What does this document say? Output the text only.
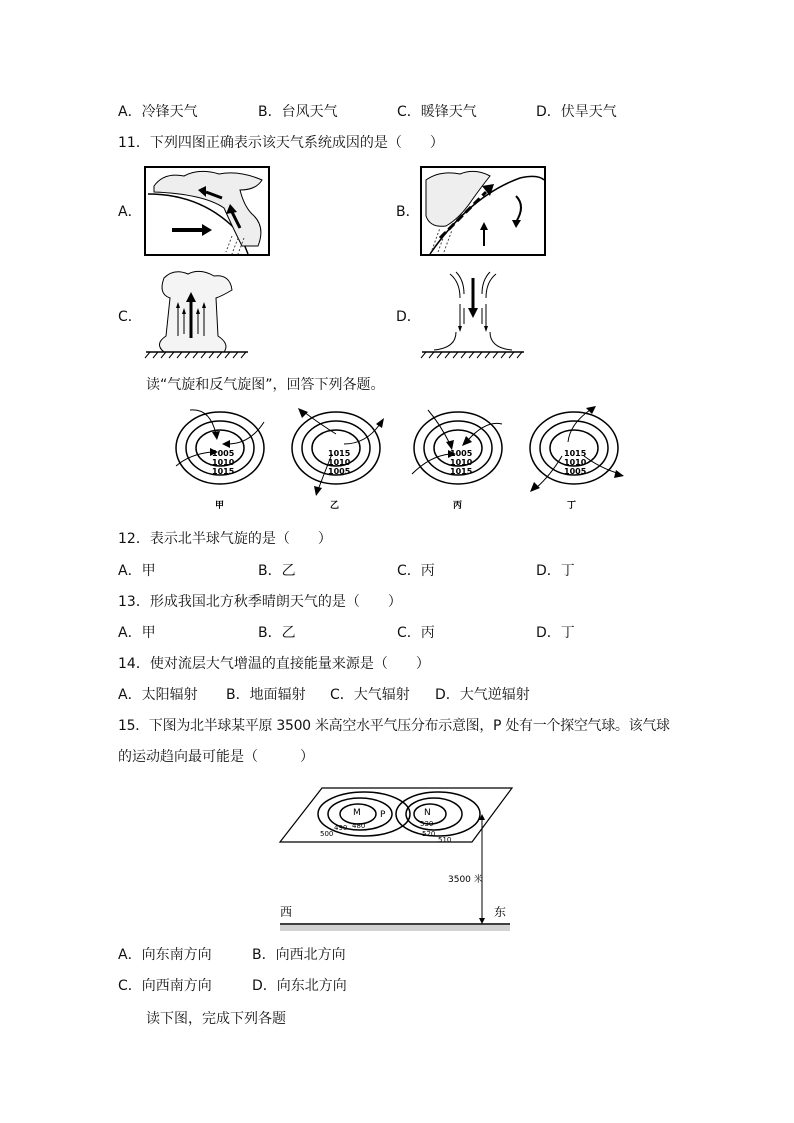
A．冷锋天气	B．台风天气	C．暖锋天气	D．伏旱天气
11．下列四图正确表示该天气系统成因的是（　　）
A．	B．
C．	D．
读“气旋和反气旋图”，回答下列各题。
1005
1010
1015
甲
1015
1010
1005
乙
1005
1010
1015
丙
1015
1010
1005
丁
12．表示北半球气旋的是（　　）
A．甲	B．乙	C．丙	D．丁
13．形成我国北方秋季晴朗天气的是（　　）
A．甲	B．乙	C．丙	D．丁
14．使对流层大气增温的直接能量来源是（　　）
A．太阳辐射 B．地面辐射 C．大气辐射 D．大气逆辐射
15．下图为北半球某平原 3500 米高空水平气压分布示意图，P 处有一个探空气球。该气球
的运动趋向最可能是（　　　）
M	N
P
480
490
500
530
520
510
3500 米
西	东
A．向东南方向	B．向西北方向
C．向西南方向	D．向东北方向
读下图，完成下列各题
